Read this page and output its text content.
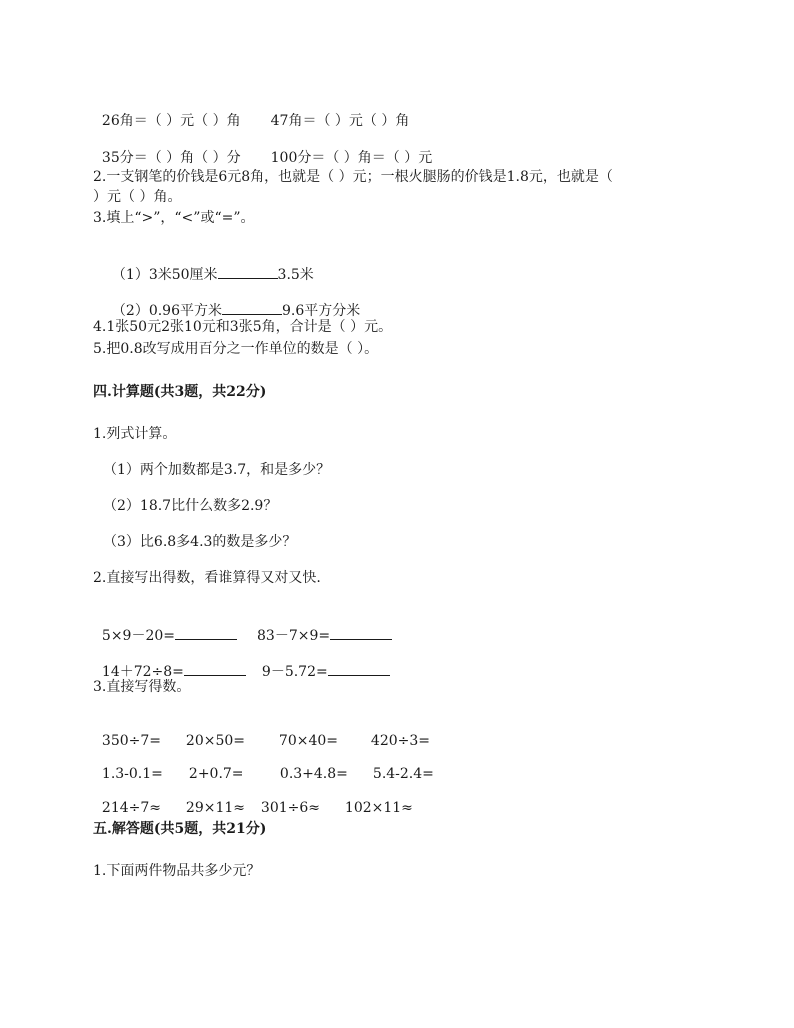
26角＝（ ）元（ ）角 47角＝（ ）元（ ）角

35分＝（ ）角（ ）分 100分＝（ ）角＝（ ）元

2.一支钢笔的价钱是6元8角，也就是（ ）元；一根火腿肠的价钱是1.8元，也就是（
）元（ ）角。
3.填上“>”，“<”或“=”。

（1）3米50厘米	3.5米

（2）0.96平方米	9.6平方分米

4.1张50元2张10元和3张5角，合计是（ ）元。
5.把0.8改写成用百分之一作单位的数是（ ）。
四.计算题(共3题，共22分)
1.列式计算。
（1）两个加数都是3.7，和是多少？
（2）18.7比什么数多2.9？
（3）比6.8多4.3的数是多少？
2.直接写出得数，看谁算得又对又快.

5×9－20=	83－7×9=

14＋72÷8=	9－5.72=

3.直接写得数。

350÷7= 20×50= 70×40= 420÷3=

1.3-0.1= 2+0.7=	0.3+4.8= 5.4-2.4=

214÷7≈ 29×11≈ 301÷6≈ 102×11≈

五.解答题(共5题，共21分)
1.下面两件物品共多少元？
